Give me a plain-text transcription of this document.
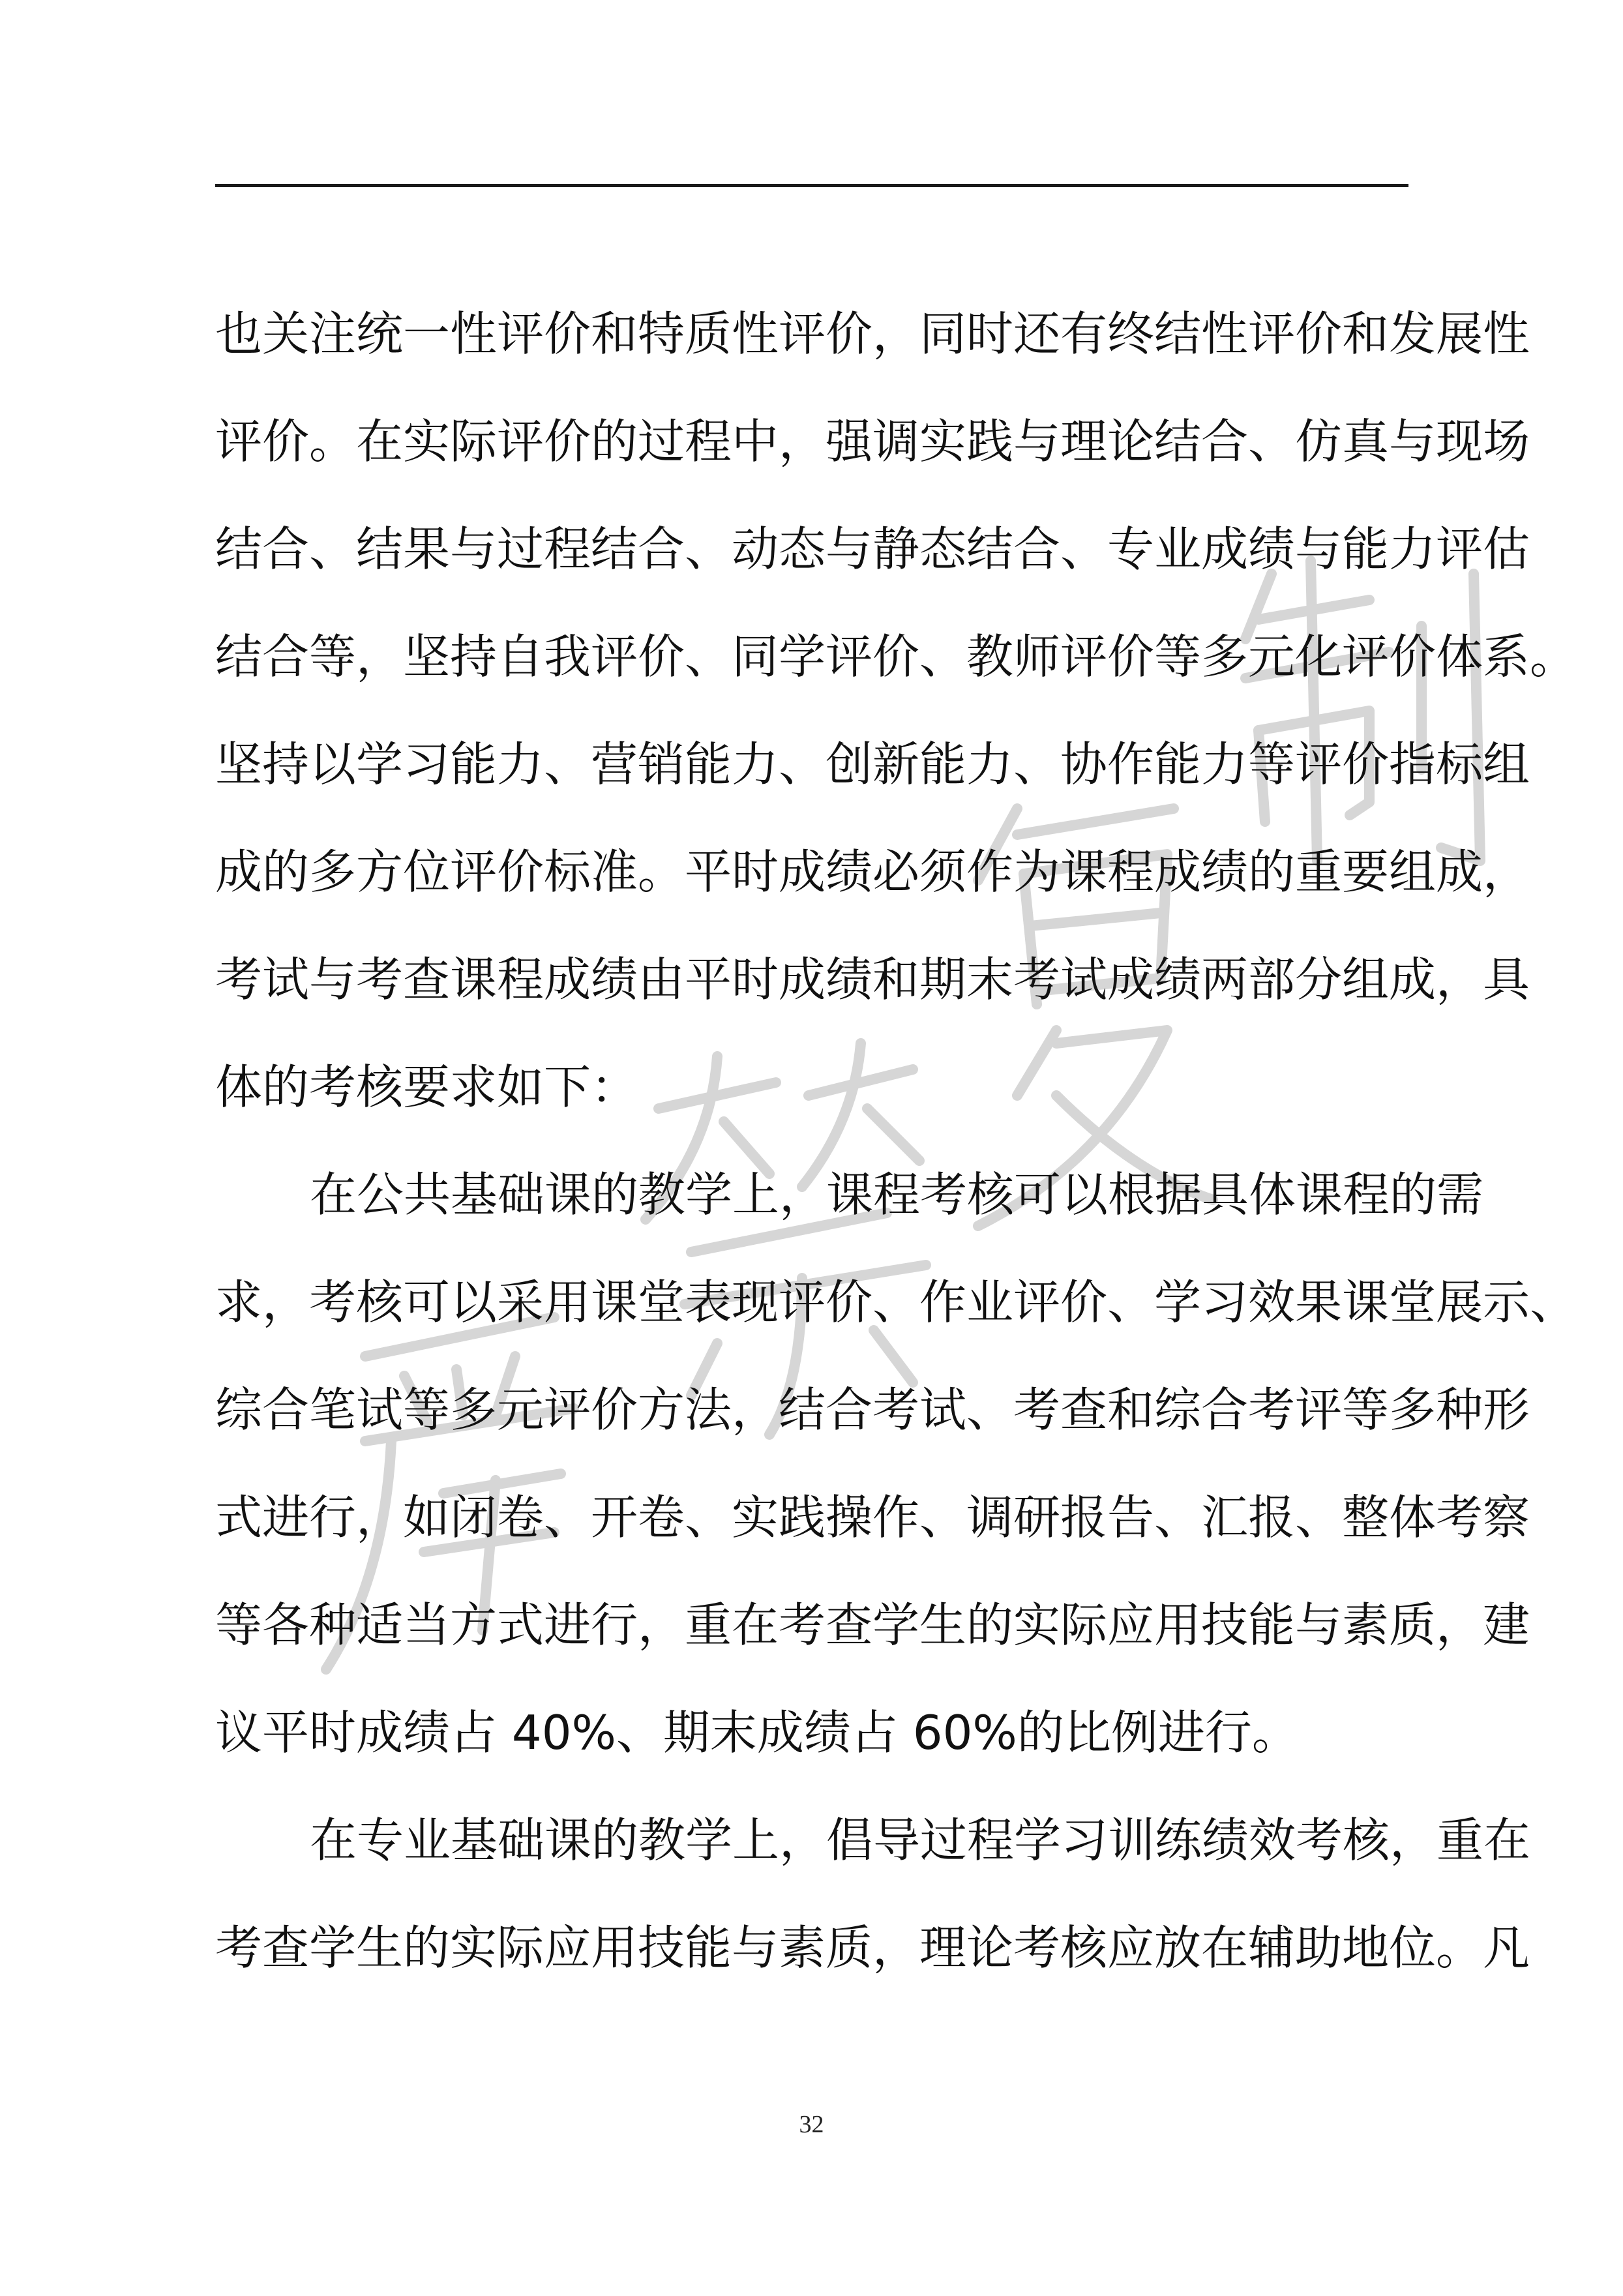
也关注统一性评价和特质性评价，同时还有终结性评价和发展性
评价。在实际评价的过程中，强调实践与理论结合、仿真与现场
结合、结果与过程结合、动态与静态结合、专业成绩与能力评估
结合等，坚持自我评价、同学评价、教师评价等多元化评价体系。
坚持以学习能力、营销能力、创新能力、协作能力等评价指标组
成的多方位评价标准。平时成绩必须作为课程成绩的重要组成，
考试与考查课程成绩由平时成绩和期末考试成绩两部分组成，具
体的考核要求如下：
在公共基础课的教学上，课程考核可以根据具体课程的需
求，考核可以采用课堂表现评价、作业评价、学习效果课堂展示、
综合笔试等多元评价方法，结合考试、考查和综合考评等多种形
式进行，如闭卷、开卷、实践操作、调研报告、汇报、整体考察
等各种适当方式进行，重在考查学生的实际应用技能与素质，建
议平时成绩占 40%、期末成绩占 60%的比例进行。
在专业基础课的教学上，倡导过程学习训练绩效考核，重在
考查学生的实际应用技能与素质，理论考核应放在辅助地位。凡
32
